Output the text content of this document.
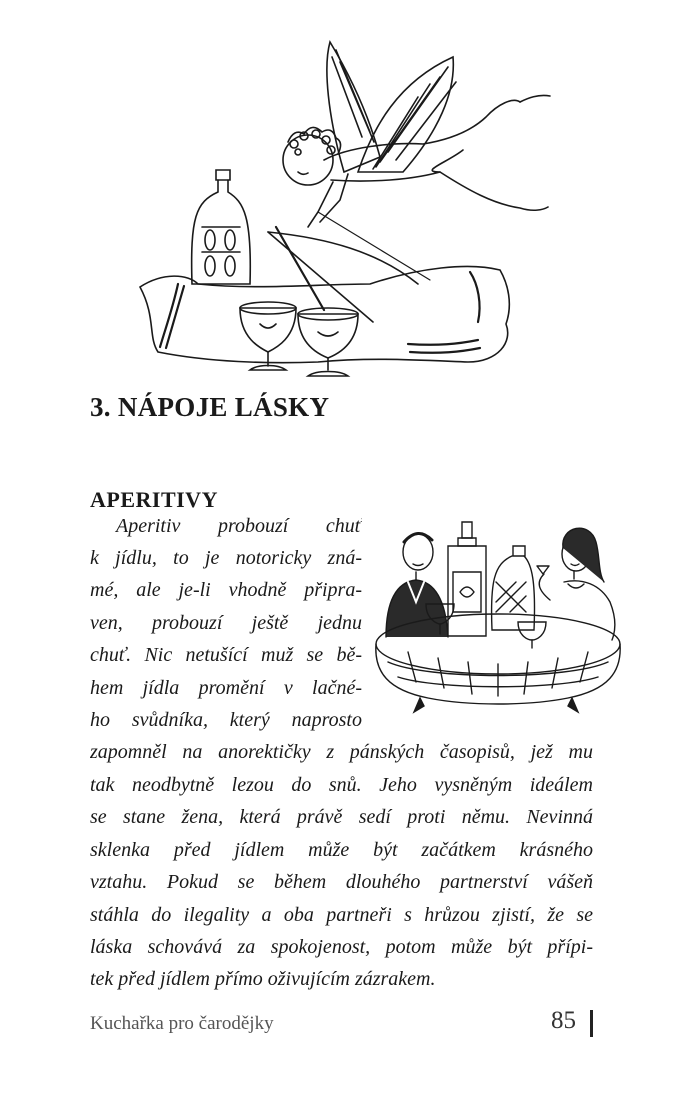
3. NÁPOJE LÁSKY
APERITIVY
Aperitiv probouzí chuť
k jídlu, to je notoricky zná-
mé, ale je-li vhodně připra-
ven, probouzí ještě jednu
chuť. Nic netušící muž se bě-
hem jídla promění v lačné-
ho svůdníka, který naprosto
zapomněl na anorektičky z pánských časopisů, jež mu
tak neodbytně lezou do snů. Jeho vysněným ideálem
se stane žena, která právě sedí proti němu. Nevinná
sklenka před jídlem může být začátkem krásného
vztahu. Pokud se během dlouhého partnerství vášeň
stáhla do ilegality a oba partneři s hrůzou zjistí, že se
láska schovává za spokojenost, potom může být přípi-
tek před jídlem přímo oživujícím zázrakem.
Kuchařka pro čarodějky	85
